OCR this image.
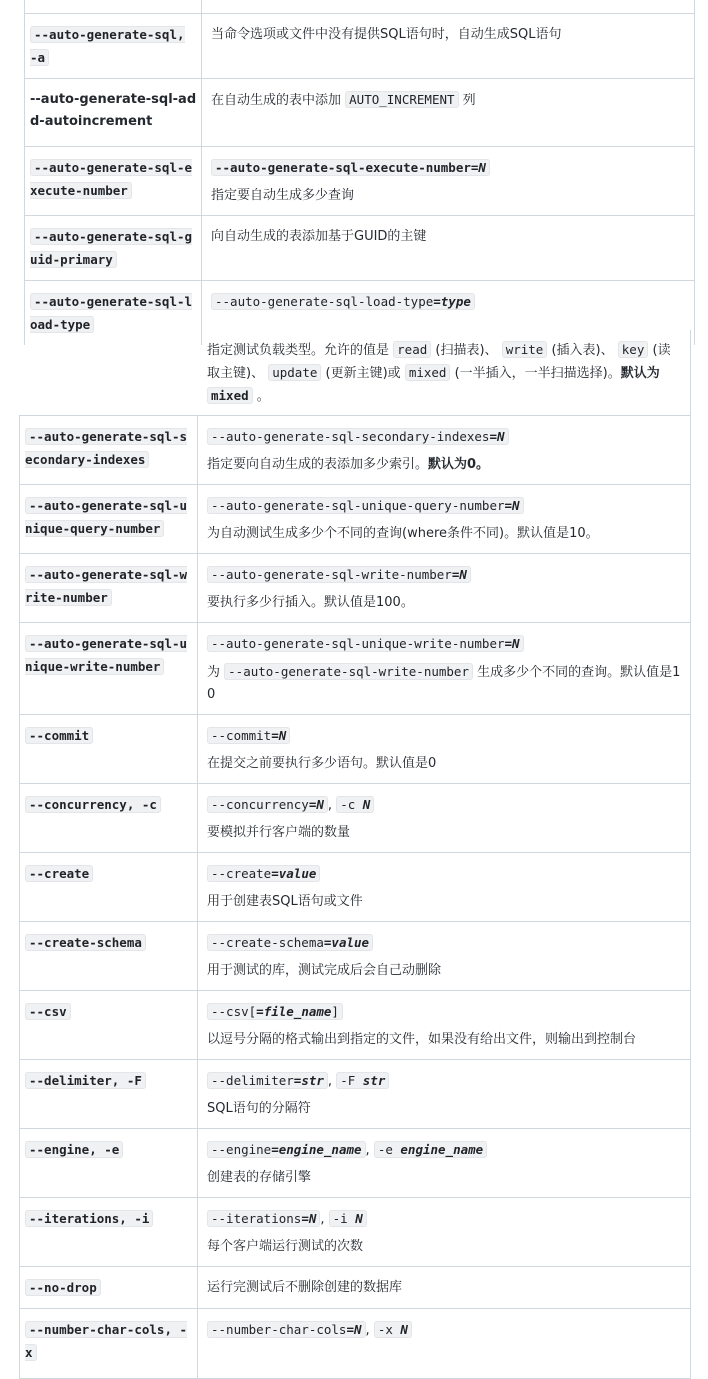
--auto-generate-sql, -a	当命令选项或文件中没有提供SQL语句时，自动生成SQL语句
--auto-generate-sql-add-autoincrement	在自动生成的表中添加 AUTO_INCREMENT 列
--auto-generate-sql-execute-number	--auto-generate-sql-execute-number=N
指定要自动生成多少查询
--auto-generate-sql-guid-primary	向自动生成的表添加基于GUID的主键
--auto-generate-sql-load-type	--auto-generate-sql-load-type=type
指定测试负载类型。允许的值是 read (扫描表)、 write (插入表)、 key (读取主键)、 update (更新主键)或 mixed (一半插入，一半扫描选择)。默认为 mixed 。
--auto-generate-sql-secondary-indexes	--auto-generate-sql-secondary-indexes=N
指定要向自动生成的表添加多少索引。默认为0。
--auto-generate-sql-unique-query-number	--auto-generate-sql-unique-query-number=N
为自动测试生成多少个不同的查询(where条件不同)。默认值是10。
--auto-generate-sql-write-number	--auto-generate-sql-write-number=N
要执行多少行插入。默认值是100。
--auto-generate-sql-unique-write-number	--auto-generate-sql-unique-write-number=N
为 --auto-generate-sql-write-number 生成多少个不同的查询。默认值是10
--commit	--commit=N
在提交之前要执行多少语句。默认值是0
--concurrency, -c	--concurrency=N , -c N
要模拟并行客户端的数量
--create	--create=value
用于创建表SQL语句或文件
--create-schema	--create-schema=value
用于测试的库，测试完成后会自己动删除
--csv	--csv[=file_name]
以逗号分隔的格式输出到指定的文件，如果没有给出文件，则输出到控制台
--delimiter, -F	--delimiter=str , -F str
SQL语句的分隔符
--engine, -e	--engine=engine_name , -e engine_name
创建表的存储引擎
--iterations, -i	--iterations=N , -i N
每个客户端运行测试的次数
--no-drop	运行完测试后不删除创建的数据库
--number-char-cols, -x	--number-char-cols=N , -x N
